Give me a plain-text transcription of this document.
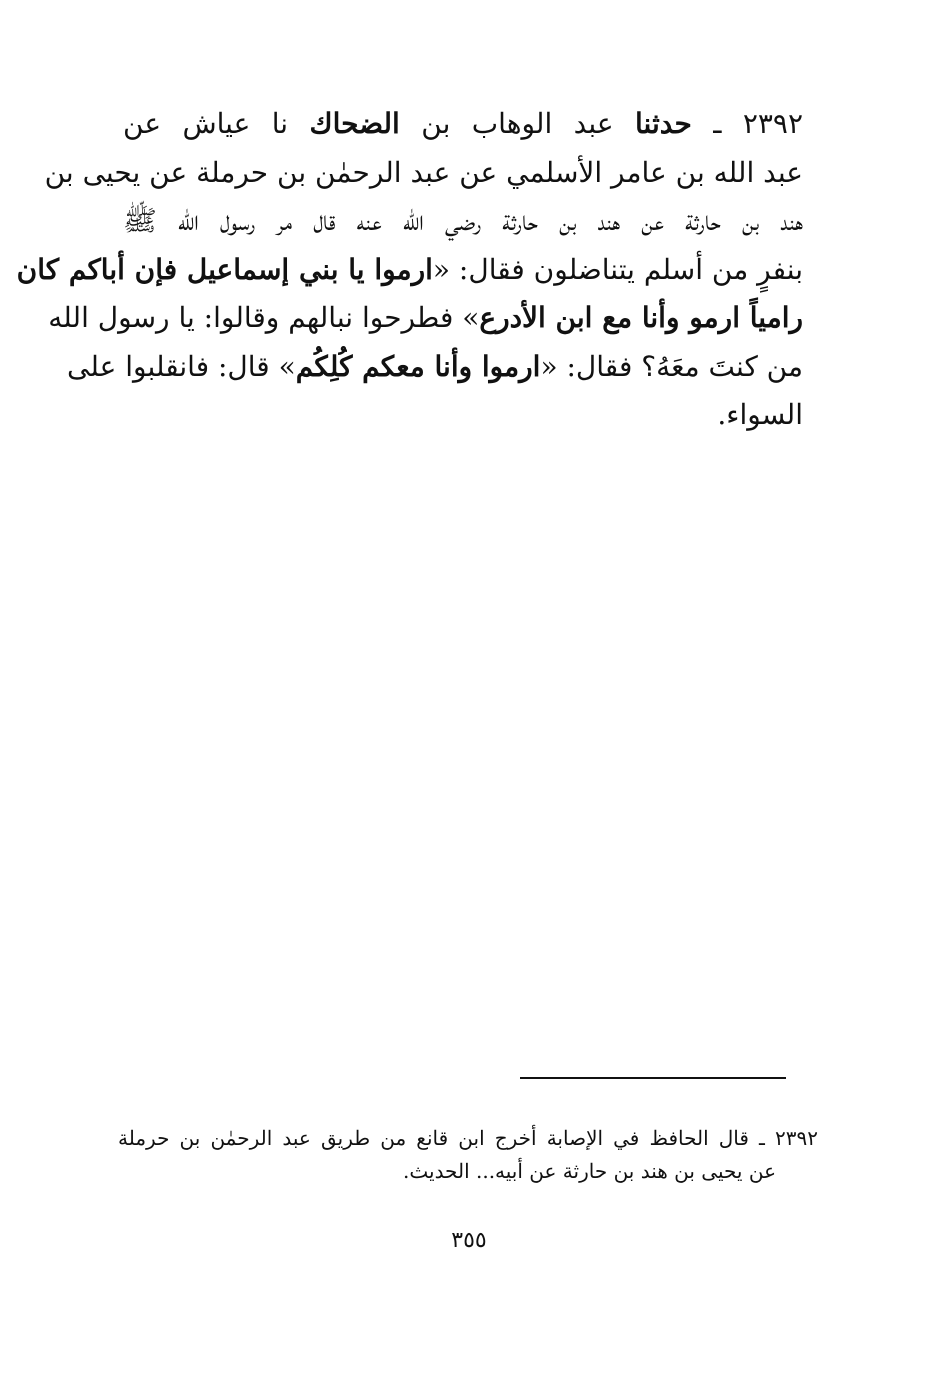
٢٣٩٢ ـ حدثنا عبد الوهاب بن الضحاك نا عياش عن
عبد الله بن عامر الأسلمي عن عبد الرحمٰن بن حرملة عن يحيى بن
هند بن حارثة عن هند بن حارثة رضي الله عنه قال مر رسول الله ﷺ
بنفرٍ من أسلم يتناضلون فقال: «ارموا يا بني إسماعيل فإن أباكم كان
رامياً ارمو وأنا مع ابن الأدرع» فطرحوا نبالهم وقالوا: يا رسول الله
من كنتَ معَهُ؟ فقال: «ارموا وأنا معكم كُلِكُم» قال: فانقلبوا على
السواء.
٢٣٩٢ ـ قال الحافظ في الإصابة أخرج ابن قانع من طريق عبد الرحمٰن بن حرملة
عن يحيى بن هند بن حارثة عن أبيه... الحديث.
٣٥٥
